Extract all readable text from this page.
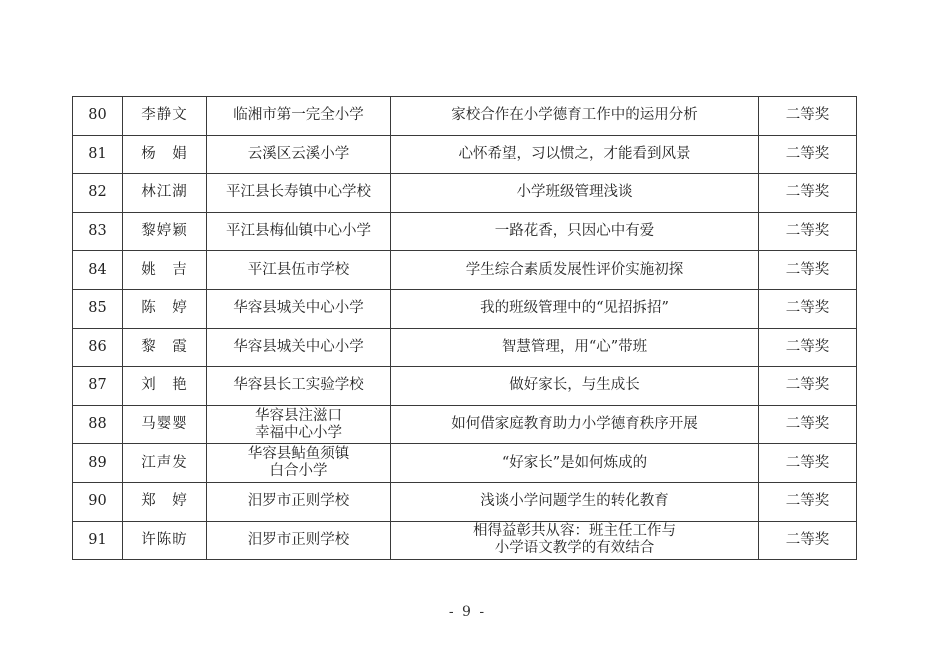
80	李静文	临湘市第一完全小学	家校合作在小学德育工作中的运用分析	二等奖

81	杨　娟	云溪区云溪小学	心怀希望，习以惯之，才能看到风景	二等奖

82	林江湖	平江县长寿镇中心学校	小学班级管理浅谈	二等奖

83	黎婷颖	平江县梅仙镇中心小学	一路花香，只因心中有爱	二等奖

84	姚　吉	平江县伍市学校	学生综合素质发展性评价实施初探	二等奖

85	陈　婷	华容县城关中心小学	我的班级管理中的“见招拆招”	二等奖

86	黎　霞	华容县城关中心小学	智慧管理，用“心”带班	二等奖

87	刘　艳	华容县长工实验学校	做好家长，与生成长	二等奖

88	马婴婴	华容县注滋口
幸福中心小学	如何借家庭教育助力小学德育秩序开展	二等奖

89	江声发	华容县鲇鱼须镇
白合小学	“好家长”是如何炼成的	二等奖

90	郑　婷	汨罗市正则学校	浅谈小学问题学生的转化教育	二等奖

91	许陈昉	汨罗市正则学校	相得益彰共从容：班主任工作与
小学语文教学的有效结合	二等奖
- 9 -
